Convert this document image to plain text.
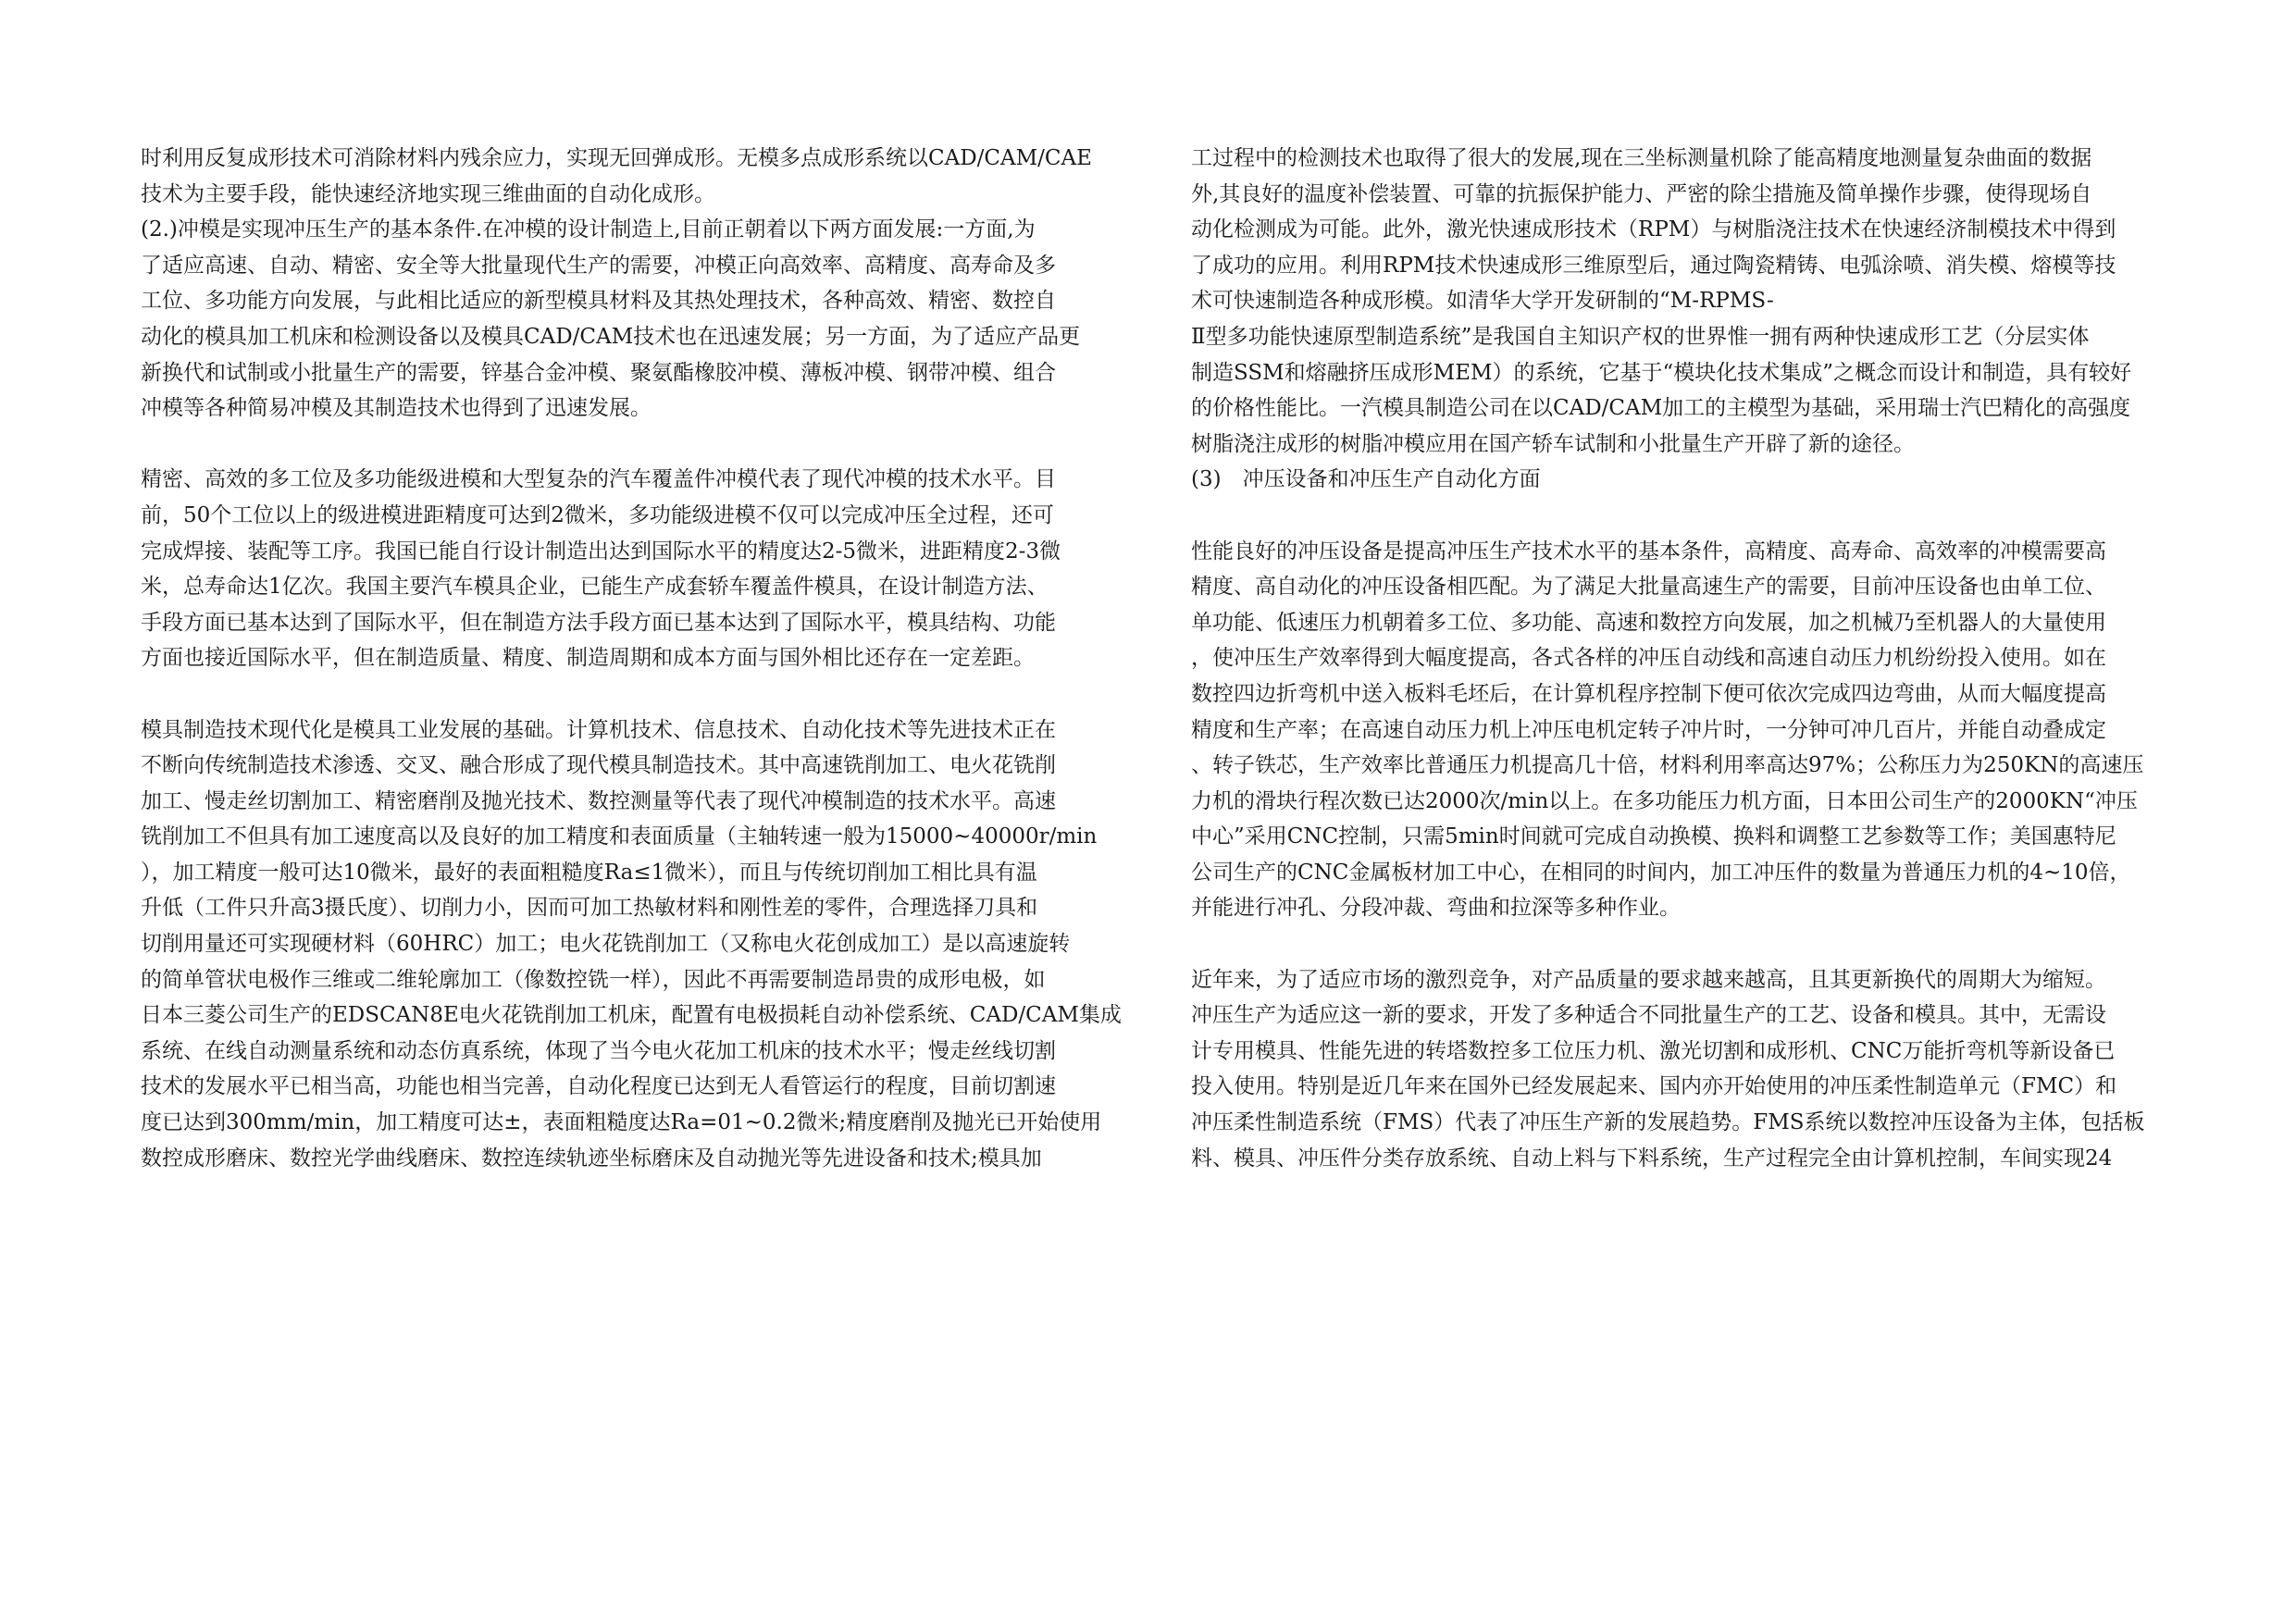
时利用反复成形技术可消除材料内残余应力，实现无回弹成形。无模多点成形系统以CAD/CAM/CAE
技术为主要手段，能快速经济地实现三维曲面的自动化成形。
(2.)冲模是实现冲压生产的基本条件.在冲模的设计制造上,目前正朝着以下两方面发展:一方面,为
了适应高速、自动、精密、安全等大批量现代生产的需要，冲模正向高效率、高精度、高寿命及多
工位、多功能方向发展，与此相比适应的新型模具材料及其热处理技术，各种高效、精密、数控自
动化的模具加工机床和检测设备以及模具CAD/CAM技术也在迅速发展；另一方面，为了适应产品更
新换代和试制或小批量生产的需要，锌基合金冲模、聚氨酯橡胶冲模、薄板冲模、钢带冲模、组合
冲模等各种简易冲模及其制造技术也得到了迅速发展。
精密、高效的多工位及多功能级进模和大型复杂的汽车覆盖件冲模代表了现代冲模的技术水平。目
前，50个工位以上的级进模进距精度可达到2微米，多功能级进模不仅可以完成冲压全过程，还可
完成焊接、装配等工序。我国已能自行设计制造出达到国际水平的精度达2-5微米，进距精度2-3微
米，总寿命达1亿次。我国主要汽车模具企业，已能生产成套轿车覆盖件模具，在设计制造方法、
手段方面已基本达到了国际水平，但在制造方法手段方面已基本达到了国际水平，模具结构、功能
方面也接近国际水平，但在制造质量、精度、制造周期和成本方面与国外相比还存在一定差距。
模具制造技术现代化是模具工业发展的基础。计算机技术、信息技术、自动化技术等先进技术正在
不断向传统制造技术渗透、交叉、融合形成了现代模具制造技术。其中高速铣削加工、电火花铣削
加工、慢走丝切割加工、精密磨削及抛光技术、数控测量等代表了现代冲模制造的技术水平。高速
铣削加工不但具有加工速度高以及良好的加工精度和表面质量（主轴转速一般为15000~40000r/min
），加工精度一般可达10微米，最好的表面粗糙度Ra≤1微米），而且与传统切削加工相比具有温
升低（工件只升高3摄氏度）、切削力小，因而可加工热敏材料和刚性差的零件，合理选择刀具和
切削用量还可实现硬材料（60HRC）加工；电火花铣削加工（又称电火花创成加工）是以高速旋转
的简单管状电极作三维或二维轮廓加工（像数控铣一样），因此不再需要制造昂贵的成形电极，如
日本三菱公司生产的EDSCAN8E电火花铣削加工机床，配置有电极损耗自动补偿系统、CAD/CAM集成
系统、在线自动测量系统和动态仿真系统，体现了当今电火花加工机床的技术水平；慢走丝线切割
技术的发展水平已相当高，功能也相当完善，自动化程度已达到无人看管运行的程度，目前切割速
度已达到300mm/min，加工精度可达±，表面粗糙度达Ra=01~0.2微米;精度磨削及抛光已开始使用
数控成形磨床、数控光学曲线磨床、数控连续轨迹坐标磨床及自动抛光等先进设备和技术;模具加
工过程中的检测技术也取得了很大的发展,现在三坐标测量机除了能高精度地测量复杂曲面的数据
外,其良好的温度补偿装置、可靠的抗振保护能力、严密的除尘措施及简单操作步骤，使得现场自
动化检测成为可能。此外，激光快速成形技术（RPM）与树脂浇注技术在快速经济制模技术中得到
了成功的应用。利用RPM技术快速成形三维原型后，通过陶瓷精铸、电弧涂喷、消失模、熔模等技
术可快速制造各种成形模。如清华大学开发研制的“M-RPMS-
Ⅱ型多功能快速原型制造系统”是我国自主知识产权的世界惟一拥有两种快速成形工艺（分层实体
制造SSM和熔融挤压成形MEM）的系统，它基于“模块化技术集成”之概念而设计和制造，具有较好
的价格性能比。一汽模具制造公司在以CAD/CAM加工的主模型为基础，采用瑞士汽巴精化的高强度
树脂浇注成形的树脂冲模应用在国产轿车试制和小批量生产开辟了新的途径。
(3)　冲压设备和冲压生产自动化方面
性能良好的冲压设备是提高冲压生产技术水平的基本条件，高精度、高寿命、高效率的冲模需要高
精度、高自动化的冲压设备相匹配。为了满足大批量高速生产的需要，目前冲压设备也由单工位、
单功能、低速压力机朝着多工位、多功能、高速和数控方向发展，加之机械乃至机器人的大量使用
，使冲压生产效率得到大幅度提高，各式各样的冲压自动线和高速自动压力机纷纷投入使用。如在
数控四边折弯机中送入板料毛坯后，在计算机程序控制下便可依次完成四边弯曲，从而大幅度提高
精度和生产率；在高速自动压力机上冲压电机定转子冲片时，一分钟可冲几百片，并能自动叠成定
、转子铁芯，生产效率比普通压力机提高几十倍，材料利用率高达97%；公称压力为250KN的高速压
力机的滑块行程次数已达2000次/min以上。在多功能压力机方面，日本田公司生产的2000KN“冲压
中心”采用CNC控制，只需5min时间就可完成自动换模、换料和调整工艺参数等工作；美国惠特尼
公司生产的CNC金属板材加工中心，在相同的时间内，加工冲压件的数量为普通压力机的4~10倍，
并能进行冲孔、分段冲裁、弯曲和拉深等多种作业。
近年来，为了适应市场的激烈竞争，对产品质量的要求越来越高，且其更新换代的周期大为缩短。
冲压生产为适应这一新的要求，开发了多种适合不同批量生产的工艺、设备和模具。其中，无需设
计专用模具、性能先进的转塔数控多工位压力机、激光切割和成形机、CNC万能折弯机等新设备已
投入使用。特别是近几年来在国外已经发展起来、国内亦开始使用的冲压柔性制造单元（FMC）和
冲压柔性制造系统（FMS）代表了冲压生产新的发展趋势。FMS系统以数控冲压设备为主体，包括板
料、模具、冲压件分类存放系统、自动上料与下料系统，生产过程完全由计算机控制，车间实现24
